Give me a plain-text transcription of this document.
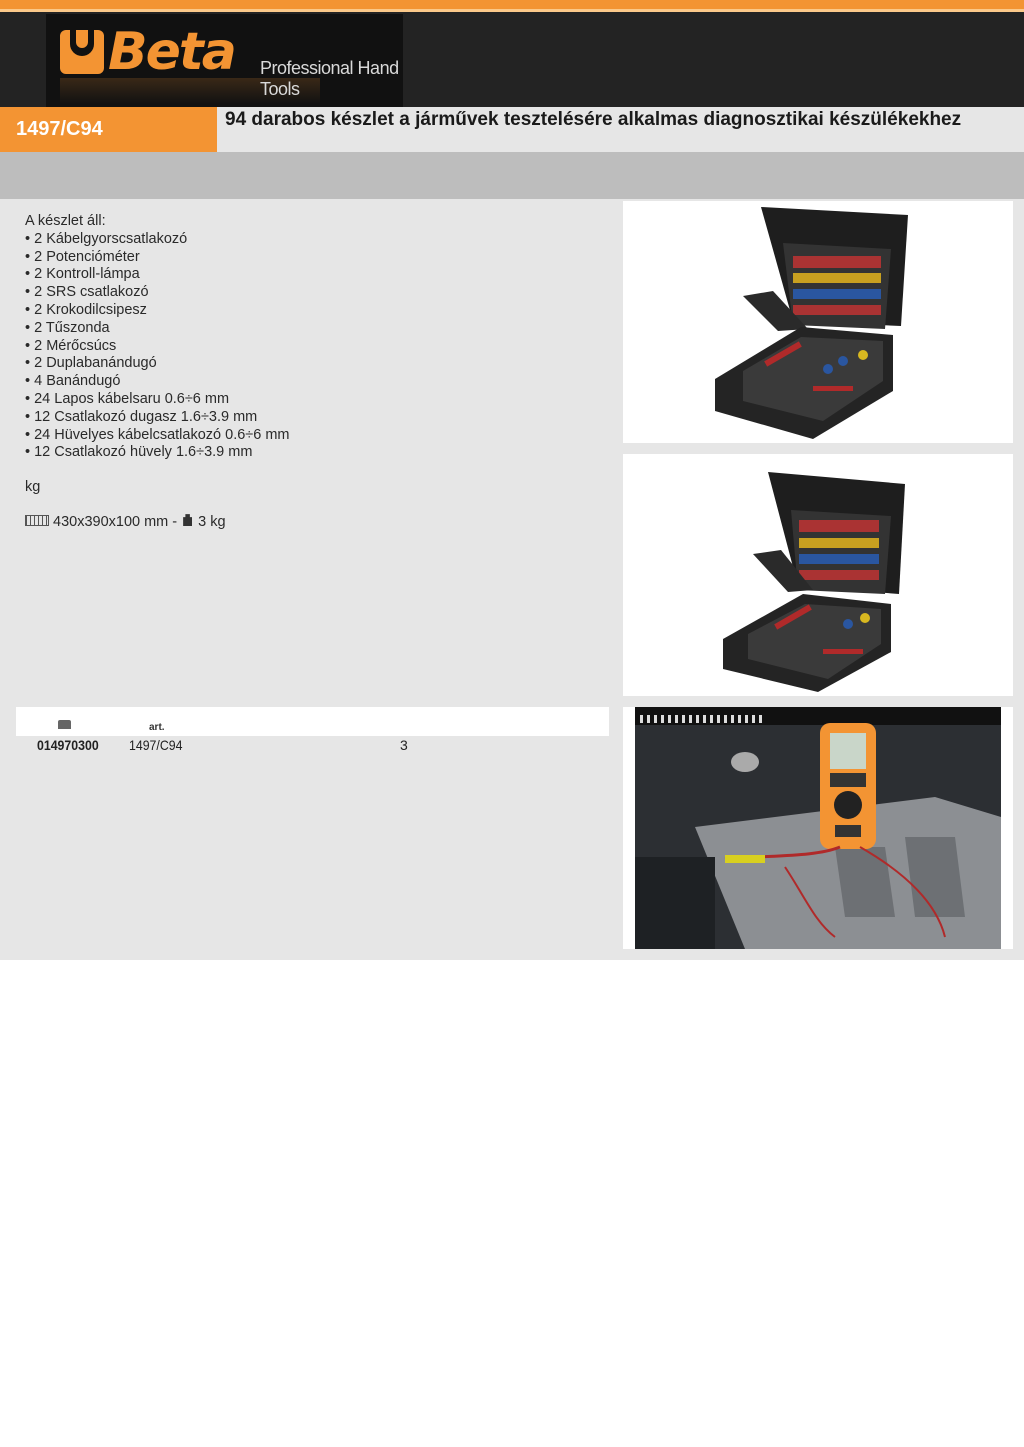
Beta Professional Hand Tools
1497/C94	94 darabos készlet a járművek tesztelésére alkalmas diagnosztikai készülékekhez
A készlet áll:
• 2 Kábelgyorscsatlakozó
• 2 Potencióméter
• 2 Kontroll-lámpa
• 2 SRS csatlakozó
• 2 Krokodilcsipesz
• 2 Tűszonda
• 2 Mérőcsúcs
• 2 Duplabanándugó
• 4 Banándugó
• 24 Lapos kábelsaru 0.6÷6 mm
• 12 Csatlakozó dugasz 1.6÷3.9 mm
• 24 Hüvelyes kábelcsatlakozó 0.6÷6 mm
• 12 Csatlakozó hüvely 1.6÷3.9 mm
kg
430x390x100 mm - 3 kg
art.
014970300 1497/C94	3
